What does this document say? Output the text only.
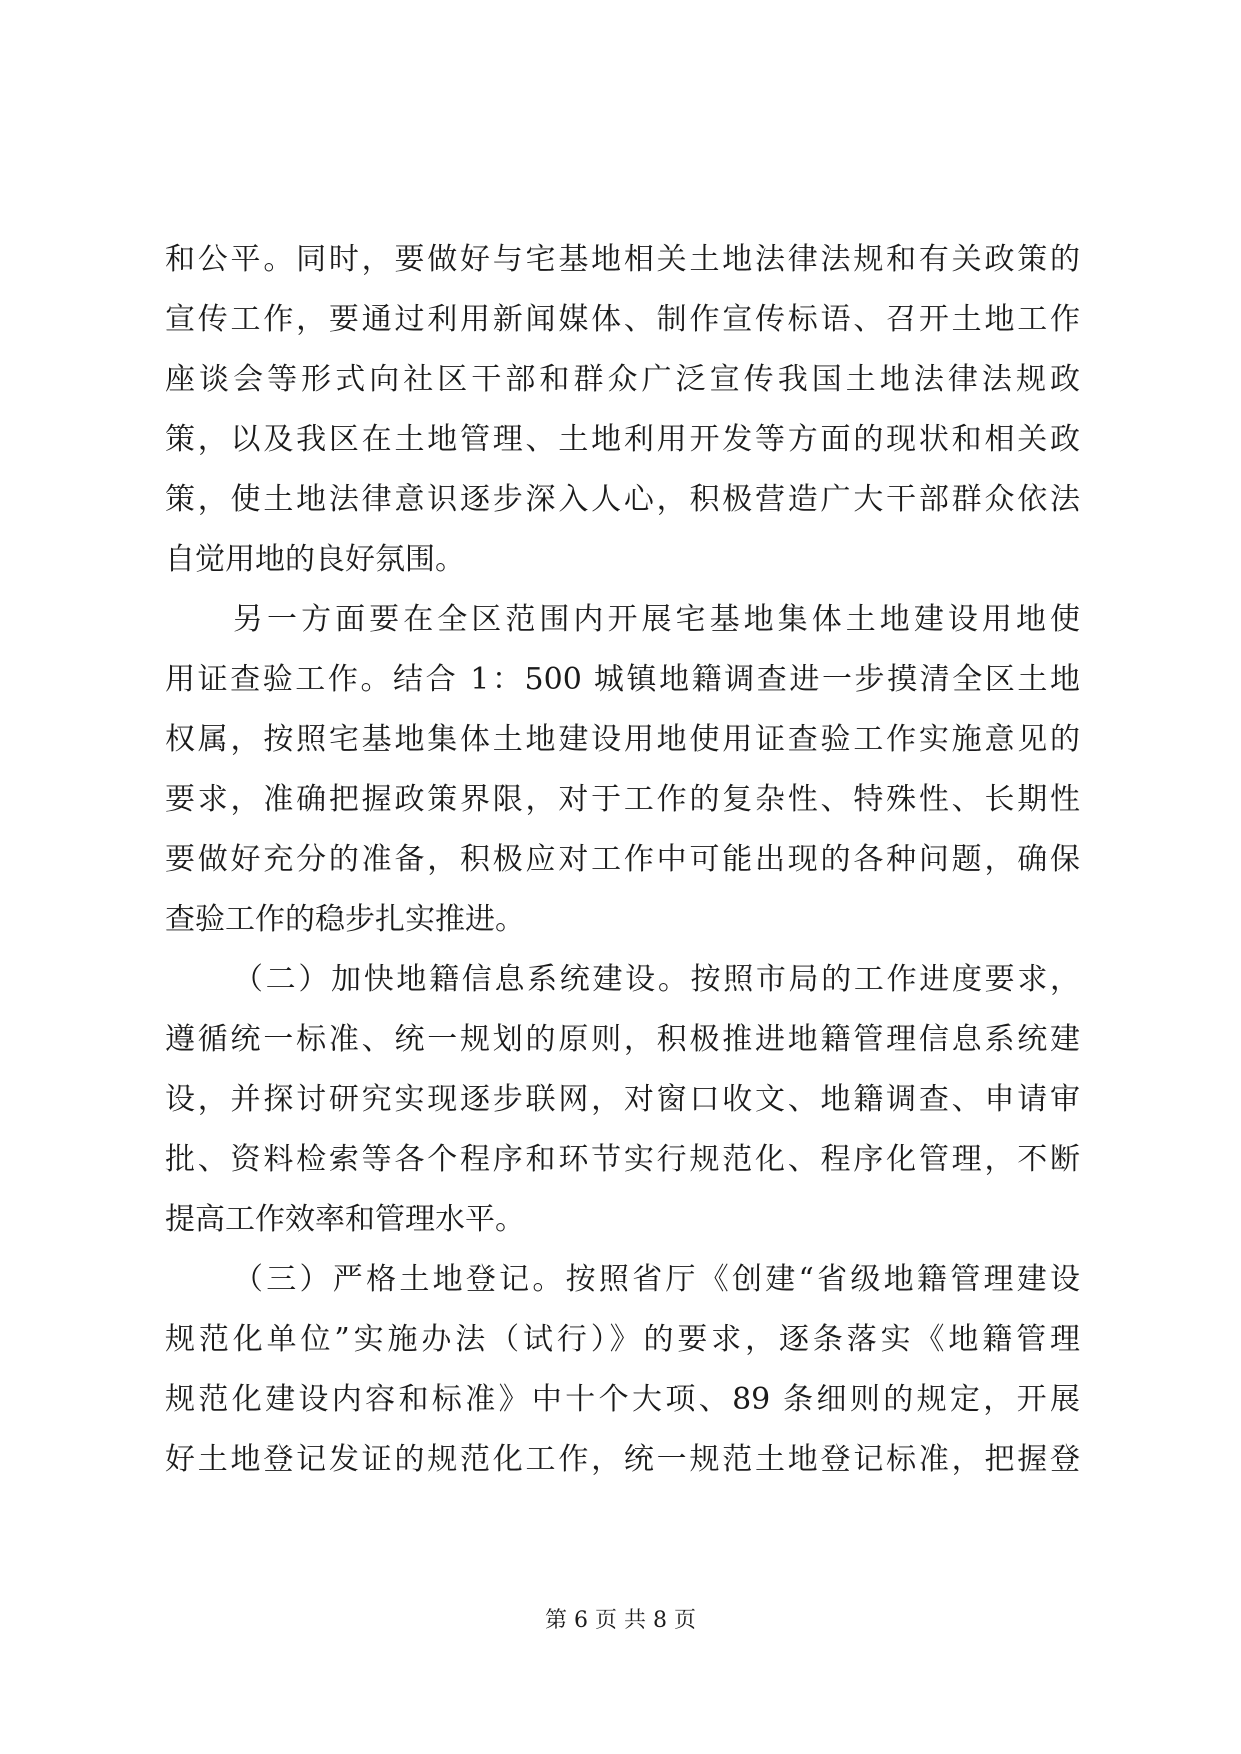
和公平。同时，要做好与宅基地相关土地法律法规和有关政策的
宣传工作，要通过利用新闻媒体、制作宣传标语、召开土地工作
座谈会等形式向社区干部和群众广泛宣传我国土地法律法规政
策，以及我区在土地管理、土地利用开发等方面的现状和相关政
策，使土地法律意识逐步深入人心，积极营造广大干部群众依法
自觉用地的良好氛围。
另一方面要在全区范围内开展宅基地集体土地建设用地使
用证查验工作。结合 1：500 城镇地籍调查进一步摸清全区土地
权属，按照宅基地集体土地建设用地使用证查验工作实施意见的
要求，准确把握政策界限，对于工作的复杂性、特殊性、长期性
要做好充分的准备，积极应对工作中可能出现的各种问题，确保
查验工作的稳步扎实推进。
（二）加快地籍信息系统建设。按照市局的工作进度要求，
遵循统一标准、统一规划的原则，积极推进地籍管理信息系统建
设，并探讨研究实现逐步联网，对窗口收文、地籍调查、申请审
批、资料检索等各个程序和环节实行规范化、程序化管理，不断
提高工作效率和管理水平。
（三）严格土地登记。按照省厅《创建“省级地籍管理建设
规范化单位”实施办法（试行）》的要求，逐条落实《地籍管理
规范化建设内容和标准》中十个大项、89 条细则的规定，开展
好土地登记发证的规范化工作，统一规范土地登记标准，把握登
第 6 页 共 8 页
